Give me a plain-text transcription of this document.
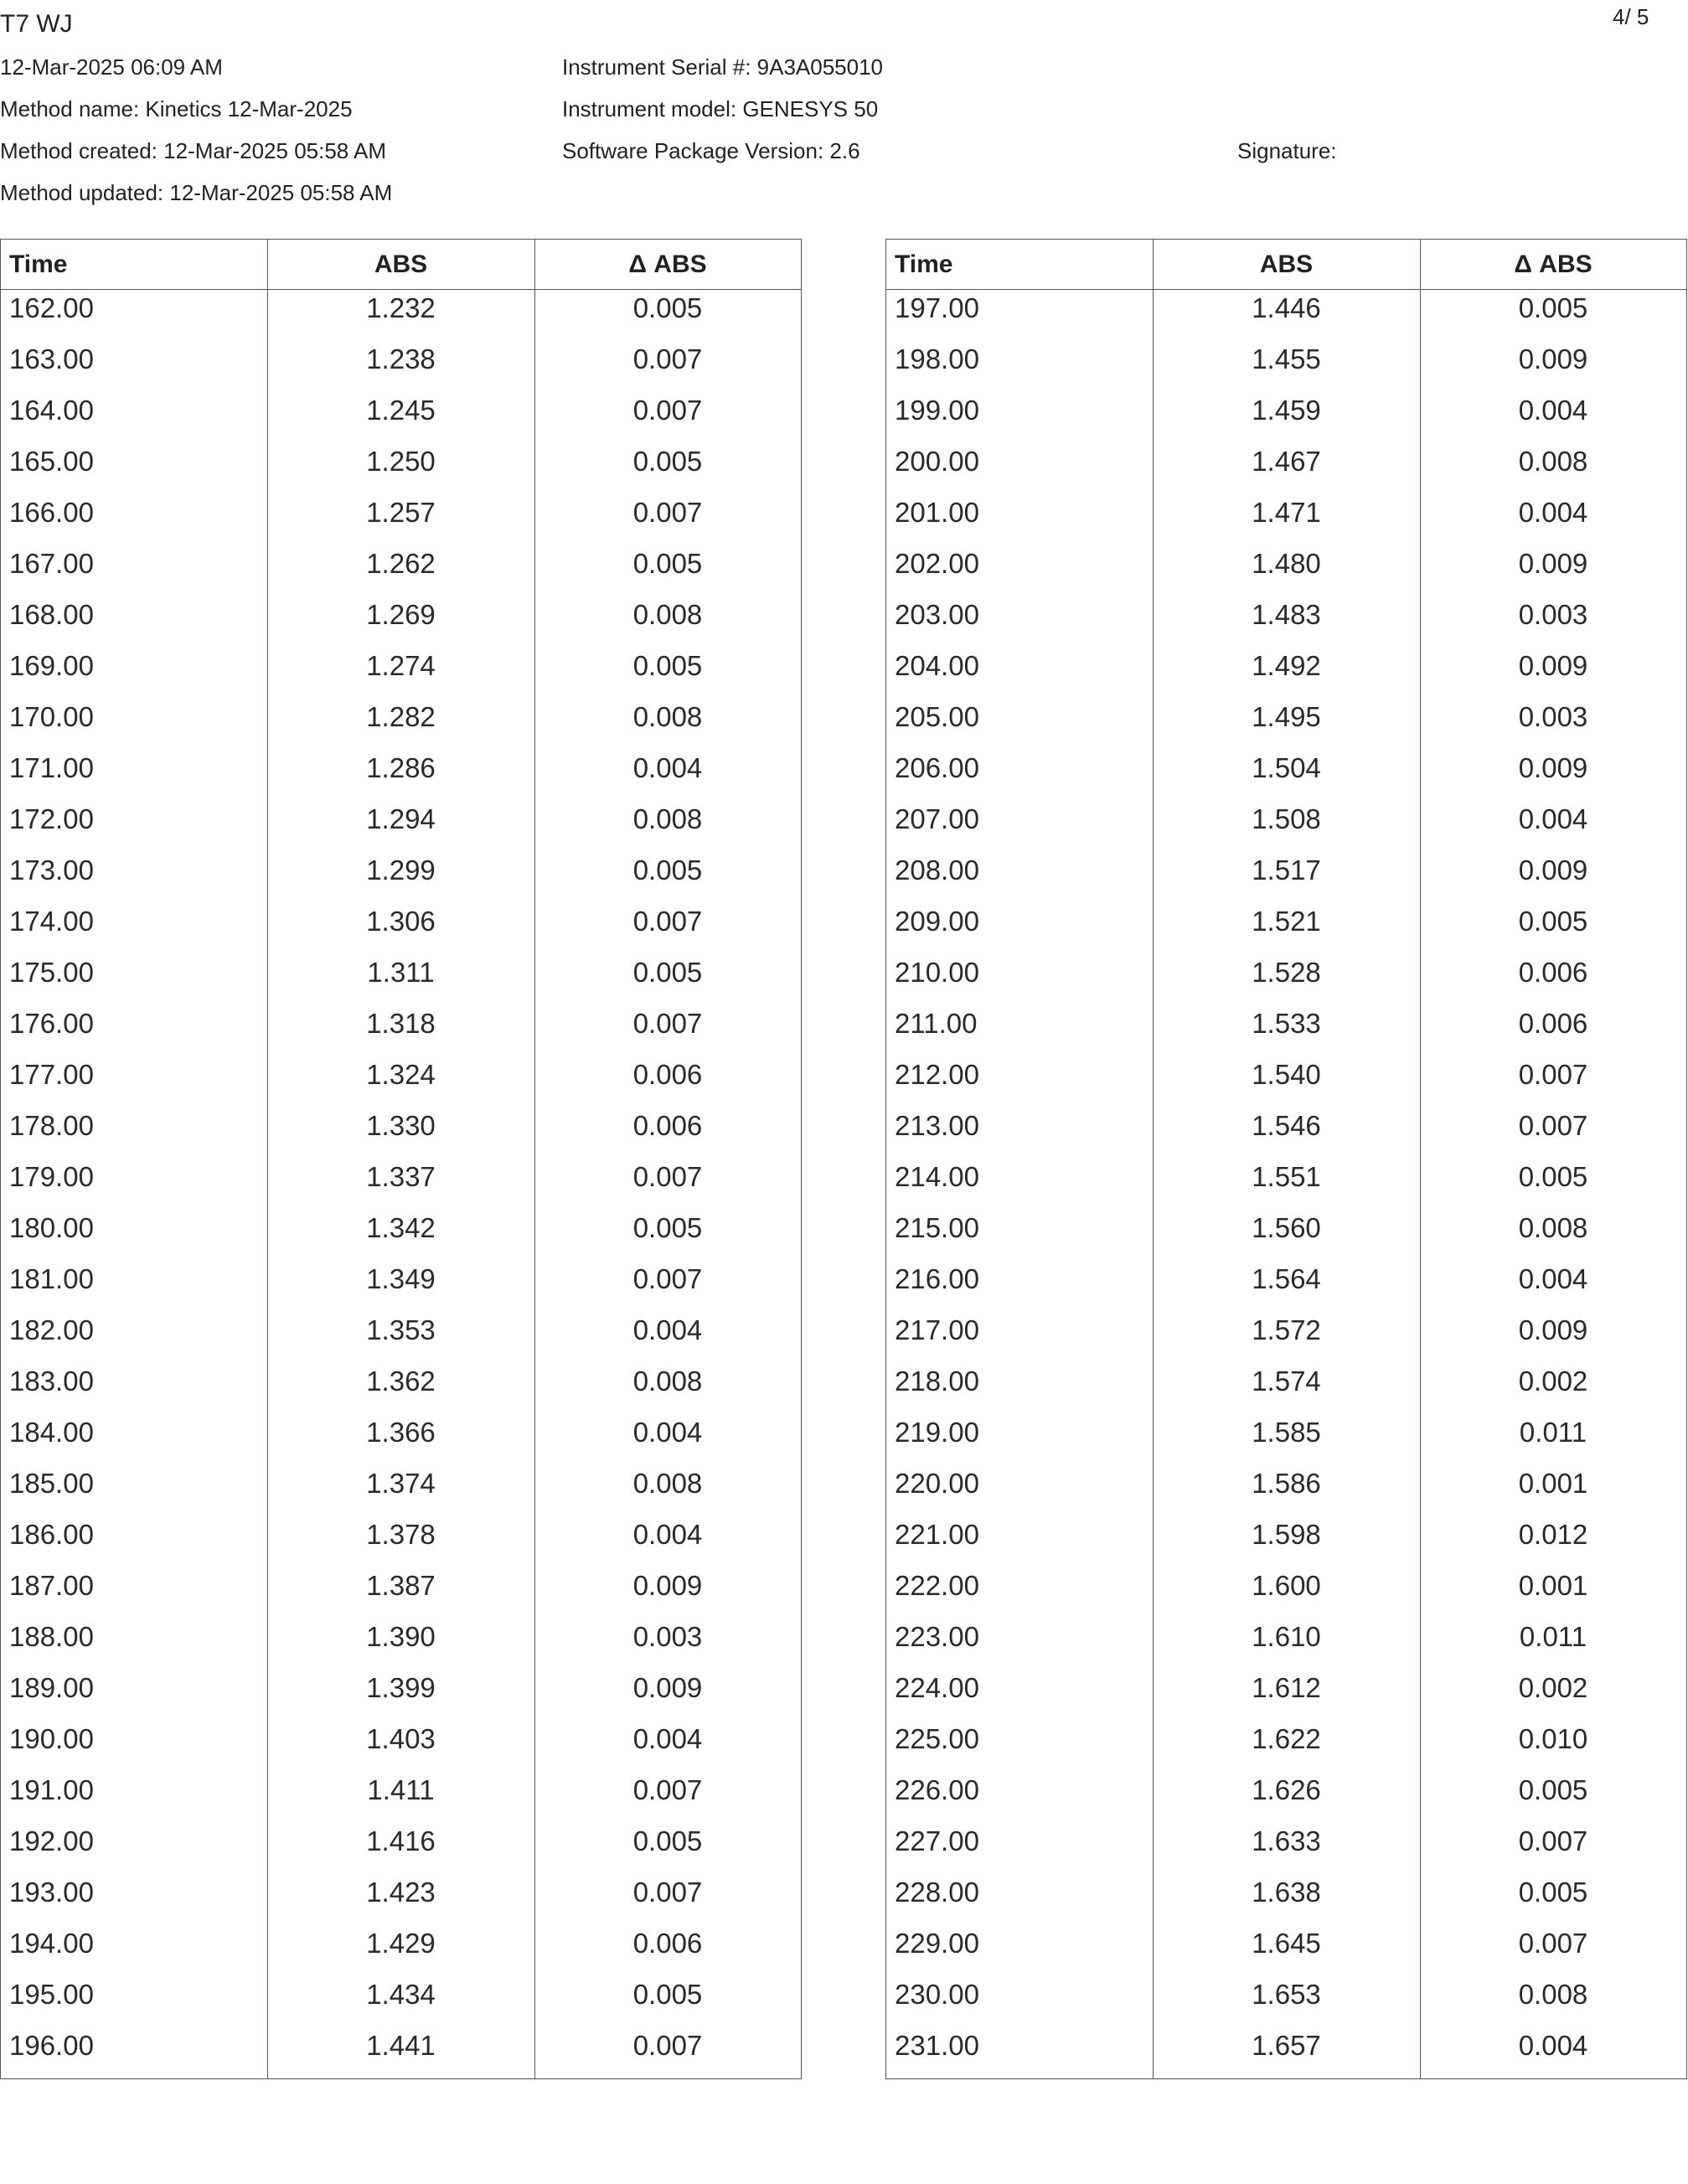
T7 WJ	4/ 5
12-Mar-2025 06:09 AM
Method name: Kinetics 12-Mar-2025
Method created: 12-Mar-2025 05:58 AM
Method updated: 12-Mar-2025 05:58 AM
Instrument Serial #: 9A3A055010
Instrument model: GENESYS 50
Software Package Version: 2.6	Signature:
Time	ABS	Δ ABS
162.00	1.232	0.005
163.00	1.238	0.007
164.00	1.245	0.007
165.00	1.250	0.005
166.00	1.257	0.007
167.00	1.262	0.005
168.00	1.269	0.008
169.00	1.274	0.005
170.00	1.282	0.008
171.00	1.286	0.004
172.00	1.294	0.008
173.00	1.299	0.005
174.00	1.306	0.007
175.00	1.311	0.005
176.00	1.318	0.007
177.00	1.324	0.006
178.00	1.330	0.006
179.00	1.337	0.007
180.00	1.342	0.005
181.00	1.349	0.007
182.00	1.353	0.004
183.00	1.362	0.008
184.00	1.366	0.004
185.00	1.374	0.008
186.00	1.378	0.004
187.00	1.387	0.009
188.00	1.390	0.003
189.00	1.399	0.009
190.00	1.403	0.004
191.00	1.411	0.007
192.00	1.416	0.005
193.00	1.423	0.007
194.00	1.429	0.006
195.00	1.434	0.005
196.00	1.441	0.007
Time	ABS	Δ ABS
197.00	1.446	0.005
198.00	1.455	0.009
199.00	1.459	0.004
200.00	1.467	0.008
201.00	1.471	0.004
202.00	1.480	0.009
203.00	1.483	0.003
204.00	1.492	0.009
205.00	1.495	0.003
206.00	1.504	0.009
207.00	1.508	0.004
208.00	1.517	0.009
209.00	1.521	0.005
210.00	1.528	0.006
211.00	1.533	0.006
212.00	1.540	0.007
213.00	1.546	0.007
214.00	1.551	0.005
215.00	1.560	0.008
216.00	1.564	0.004
217.00	1.572	0.009
218.00	1.574	0.002
219.00	1.585	0.011
220.00	1.586	0.001
221.00	1.598	0.012
222.00	1.600	0.001
223.00	1.610	0.011
224.00	1.612	0.002
225.00	1.622	0.010
226.00	1.626	0.005
227.00	1.633	0.007
228.00	1.638	0.005
229.00	1.645	0.007
230.00	1.653	0.008
231.00	1.657	0.004
